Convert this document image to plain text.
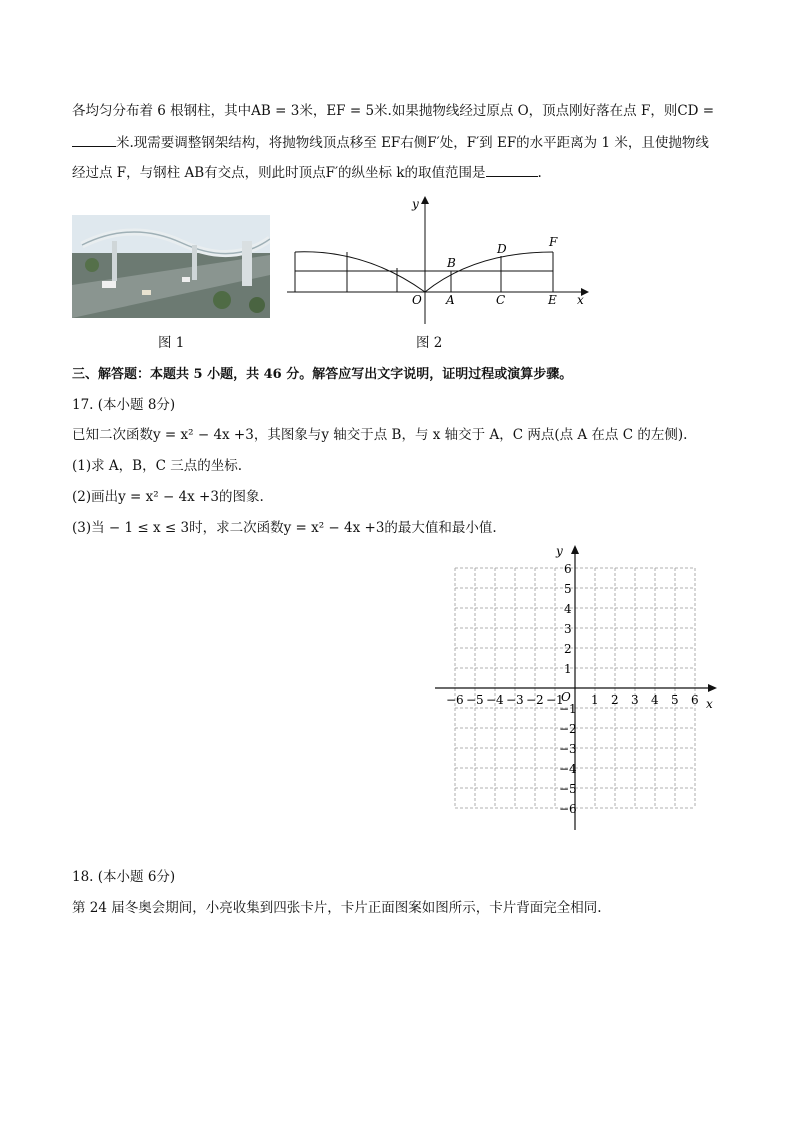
各均匀分布着 6 根钢柱，其中AB = 3米，EF = 5米.如果抛物线经过原点 O，顶点刚好落在点 F，则CD =
米.现需要调整钢架结构，将抛物线顶点移至 EF右侧F′处，F′到 EF的水平距离为 1 米，且使抛物线
经过点 F，与钢柱 AB有交点，则此时顶点F′的纵坐标 k的取值范围是	.
图 1
y
x
O A
B
C
D
E
F
图 2
三、解答题：本题共 5 小题，共 46 分。解答应写出文字说明，证明过程或演算步骤。
17. (本小题 8分)
已知二次函数y = x² − 4x +3，其图象与y 轴交于点 B，与 x 轴交于 A，C 两点(点 A 在点 C 的左侧).
(1)求 A，B，C 三点的坐标.
(2)画出y = x² − 4x +3的图象.
(3)当 − 1 ≤ x ≤ 3时，求二次函数y = x² − 4x +3的最大值和最小值.
−6 −5 −4 −3 −2 −1 1 2 3 4 5 6
6
5
4
3
2
1
−1
−2
−3
−4
−5
−6
y
x
O
18. (本小题 6分)
第 24 届冬奥会期间，小亮收集到四张卡片，卡片正面图案如图所示，卡片背面完全相同.
